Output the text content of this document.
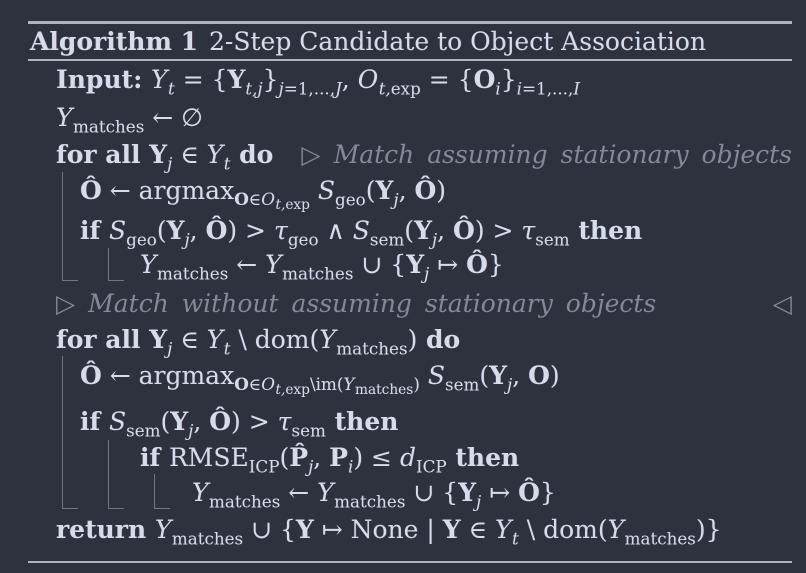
Algorithm 1 2-Step Candidate to Object Association
Input: $Y_t = \{Y_{t,j}\}_{j=1,...,J}$, $O_{t,exp} = \{O_i\}_{i=1,...,I}$
$Y_{matches}$ ← ∅
for all $Y_j$ ∈ $Y_t$ do ▷ Match assuming stationary objects
Ô ← argmax$_{O\in O_{t,exp}}$ $S_{geo}(Y_j$, Ô)
if $S_{geo}(Y_j$, Ô) > $\tau_{geo}$ ∧ $S_{sem}(Y_j$, Ô) > $\tau_{sem}$ then
$Y_{matches}$ ← $Y_{matches}$ ∪ {$Y_j$ ↦ Ô}
▷ Match without assuming stationary objects	◁
for all $Y_j$ ∈ $Y_t$ \ $dom(Y_{matches})$ do
Ô ← argmax$_{O\in O_{t,exp}\backslash im(Y_{matches})}$ $S_{sem}(Y_j$, O)
if $S_{sem}(Y_j$, Ô) > $\tau_{sem}$ then
if $RMSE_{ICP}(P̂_j$, $P_i) \le d_{ICP}$ then
$Y_{matches}$ ← $Y_{matches}$ ∪ {$Y_j$ ↦ Ô}
return $Y_{matches}$ ∪ {Y ↦ None | Y ∈ $Y_t$ \ $dom(Y_{matches})$}
